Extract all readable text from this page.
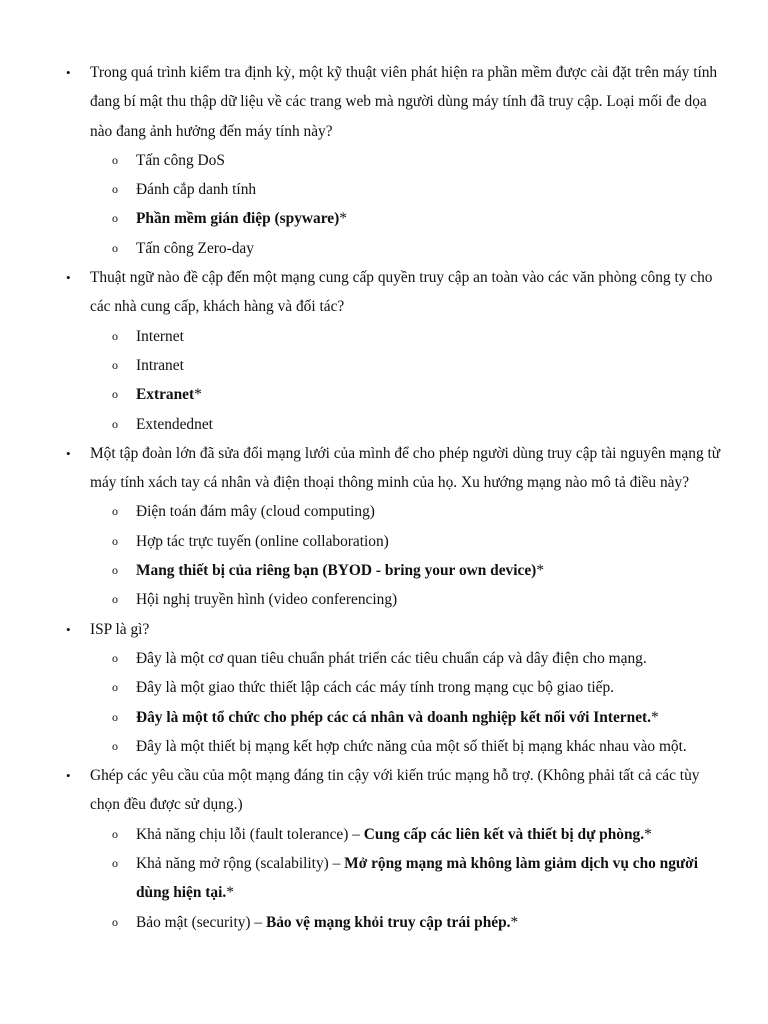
• Trong quá trình kiểm tra định kỳ, một kỹ thuật viên phát hiện ra phần mềm được cài đặt trên máy tính đang bí mật thu thập dữ liệu về các trang web mà người dùng máy tính đã truy cập. Loại mối đe dọa nào đang ảnh hưởng đến máy tính này?
o Tấn công DoS
o Đánh cắp danh tính
o Phần mềm gián điệp (spyware)*
o Tấn công Zero-day
• Thuật ngữ nào đề cập đến một mạng cung cấp quyền truy cập an toàn vào các văn phòng công ty cho các nhà cung cấp, khách hàng và đối tác?
o Internet
o Intranet
o Extranet*
o Extendednet
• Một tập đoàn lớn đã sửa đổi mạng lưới của mình để cho phép người dùng truy cập tài nguyên mạng từ máy tính xách tay cá nhân và điện thoại thông minh của họ. Xu hướng mạng nào mô tả điều này?
o Điện toán đám mây (cloud computing)
o Hợp tác trực tuyến (online collaboration)
o Mang thiết bị của riêng bạn (BYOD - bring your own device)*
o Hội nghị truyền hình (video conferencing)
• ISP là gì?
o Đây là một cơ quan tiêu chuẩn phát triển các tiêu chuẩn cáp và dây điện cho mạng.
o Đây là một giao thức thiết lập cách các máy tính trong mạng cục bộ giao tiếp.
o Đây là một tổ chức cho phép các cá nhân và doanh nghiệp kết nối với Internet.*
o Đây là một thiết bị mạng kết hợp chức năng của một số thiết bị mạng khác nhau vào một.
• Ghép các yêu cầu của một mạng đáng tin cậy với kiến trúc mạng hỗ trợ. (Không phải tất cả các tùy chọn đều được sử dụng.)
o Khả năng chịu lỗi (fault tolerance) – Cung cấp các liên kết và thiết bị dự phòng.*
o Khả năng mở rộng (scalability) – Mở rộng mạng mà không làm giảm dịch vụ cho người dùng hiện tại.*
o Bảo mật (security) – Bảo vệ mạng khỏi truy cập trái phép.*
